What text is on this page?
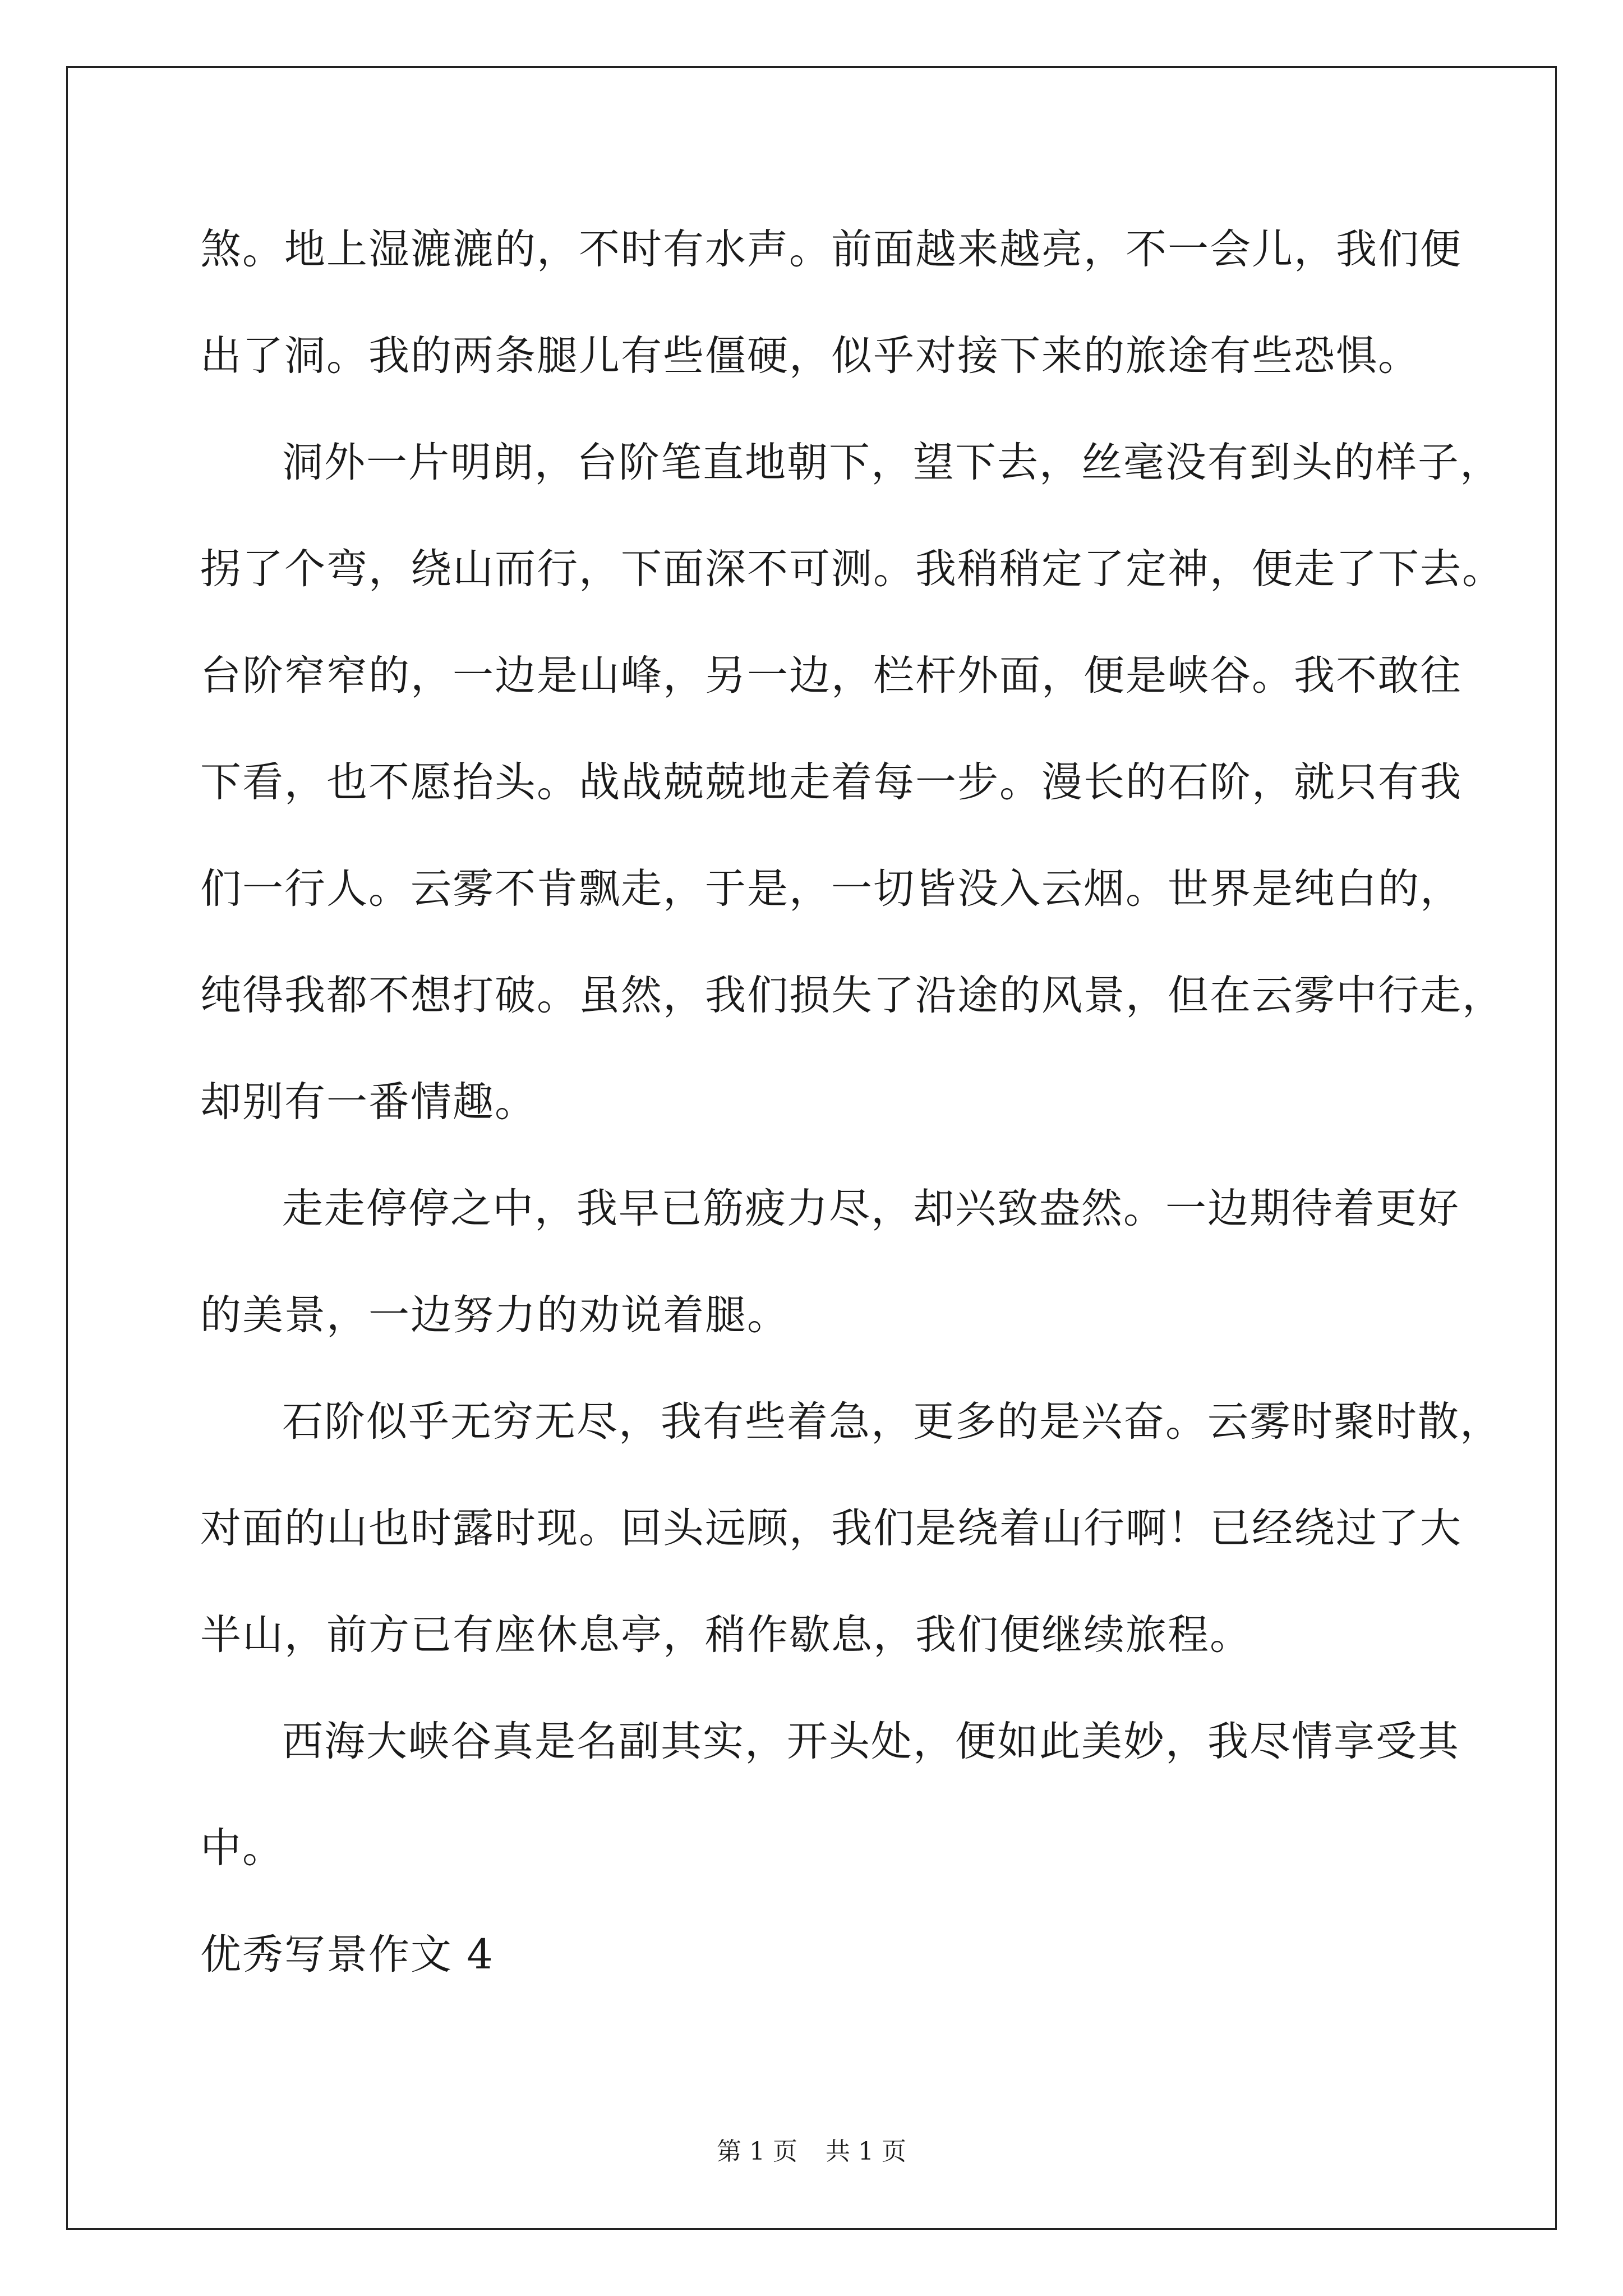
煞。地上湿漉漉的，不时有水声。前面越来越亮，不一会儿，我们便
出了洞。我的两条腿儿有些僵硬，似乎对接下来的旅途有些恐惧。
洞外一片明朗，台阶笔直地朝下，望下去，丝毫没有到头的样子，
拐了个弯，绕山而行，下面深不可测。我稍稍定了定神，便走了下去。
台阶窄窄的，一边是山峰，另一边，栏杆外面，便是峡谷。我不敢往
下看，也不愿抬头。战战兢兢地走着每一步。漫长的石阶，就只有我
们一行人。云雾不肯飘走，于是，一切皆没入云烟。世界是纯白的，
纯得我都不想打破。虽然，我们损失了沿途的风景，但在云雾中行走，
却别有一番情趣。
走走停停之中，我早已筋疲力尽，却兴致盎然。一边期待着更好
的美景，一边努力的劝说着腿。
石阶似乎无穷无尽，我有些着急，更多的是兴奋。云雾时聚时散，
对面的山也时露时现。回头远顾，我们是绕着山行啊！已经绕过了大
半山，前方已有座休息亭，稍作歇息，我们便继续旅程。
西海大峡谷真是名副其实，开头处，便如此美妙，我尽情享受其
中。
优秀写景作文 4
第 1 页 共 1 页
